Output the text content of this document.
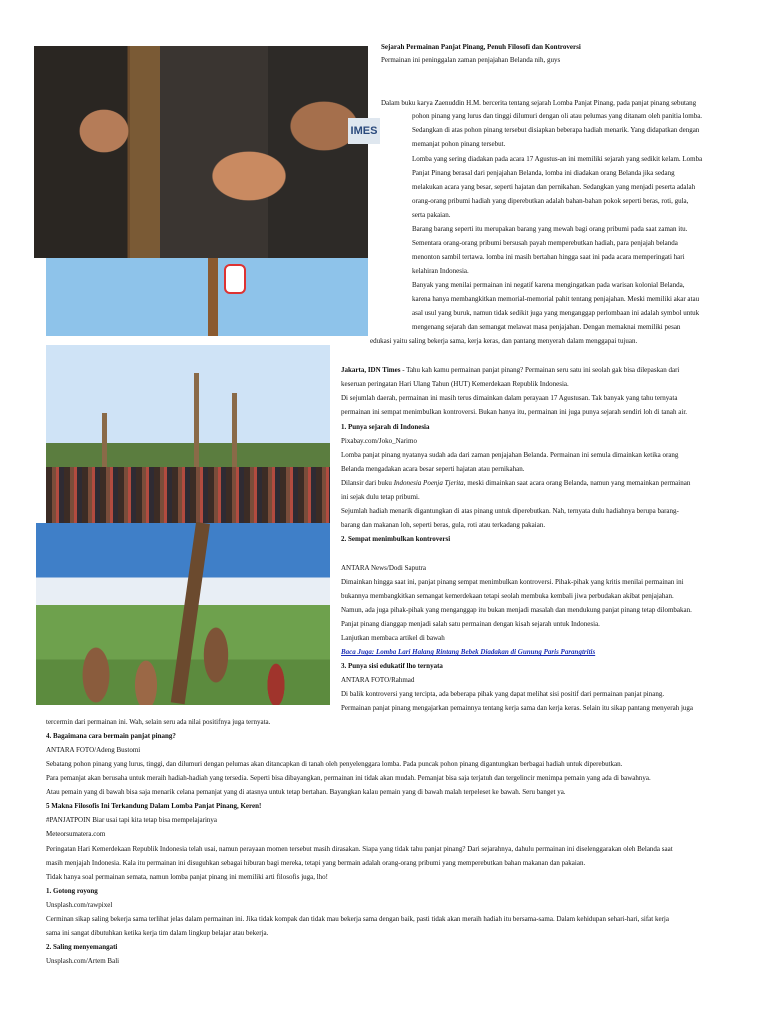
IMES
Sejarah Permainan Panjat Pinang, Penuh Filosofi dan Kontroversi
Permainan ini peninggalan zaman penjajahan Belanda nih, guys
Dalam buku karya Zaenuddin H.M. bercerita tentang sejarah Lomba Panjat Pinang, pada panjat pinang sebutang
pohon pinang yang lurus dan tinggi dilumuri dengan oli atau pelumas yang ditanam oleh panitia lomba.
Sedangkan di atas pohon pinang tersebut disiapkan beberapa hadiah menarik. Yang didapatkan dengan
memanjat pohon pinang tersebut.
Lomba yang sering diadakan pada acara 17 Agustus-an ini memiliki sejarah yang sedikit kelam. Lomba
Panjat Pinang berasal dari penjajahan Belanda, lomba ini diadakan orang Belanda jika sedang
melakukan acara yang besar, seperti hajatan dan pernikahan. Sedangkan yang menjadi peserta adalah
orang-orang pribumi hadiah yang diperebutkan adalah bahan-bahan pokok seperti beras, roti, gula,
serta pakaian.
Barang barang seperti itu merupakan barang yang mewah bagi orang pribumi pada saat zaman itu.
Sementara orang-orang pribumi bersusah payah memperebutkan hadiah, para penjajah belanda
menonton sambil tertawa. lomba ini masih bertahan hingga saat ini pada acara memperingati hari
kelahiran Indonesia.
Banyak yang menilai permainan ini negatif karena mengingatkan pada warisan kolonial Belanda,
karena hanya membangkitkan memorial-memorial pahit tentang penjajahan. Meski memiliki akar atau
asal usul yang buruk, namun tidak sedikit juga yang menganggap perlombaan ini adalah symbol untuk
mengenang sejarah dan semangat melawat masa penjajahan. Dengan memaknai memiliki pesan
edukasi yaitu saling bekerja sama, kerja keras, dan pantang menyerah dalam menggapai tujuan.
Jakarta, IDN Times - Tahu kah kamu permainan panjat pinang? Permainan seru satu ini seolah gak bisa dilepaskan dari
keseruan peringatan Hari Ulang Tahun (HUT) Kemerdekaan Republik Indonesia.
Di sejumlah daerah, permainan ini masih terus dimainkan dalam perayaan 17 Agustusan. Tak banyak yang tahu ternyata
permainan ini sempat menimbulkan kontroversi. Bukan hanya itu, permainan ini juga punya sejarah sendiri loh di tanah air.
1. Punya sejarah di Indonesia
Pixabay.com/Joko_Narimo
Lomba panjat pinang nyatanya sudah ada dari zaman penjajahan Belanda. Permainan ini semula dimainkan ketika orang
Belanda mengadakan acara besar seperti hajatan atau pernikahan.
Dilansir dari buku Indonesia Poenja Tjerita, meski dimainkan saat acara orang Belanda, namun yang memainkan permainan
ini sejak dulu tetap pribumi.
Sejumlah hadiah menarik digantungkan di atas pinang untuk diperebutkan. Nah, ternyata dulu hadiahnya berupa barang-
barang dan makanan loh, seperti beras, gula, roti atau terkadang pakaian.
2. Sempat menimbulkan kontroversi
ANTARA News/Dodi Saputra
Dimainkan hingga saat ini, panjat pinang sempat menimbulkan kontroversi. Pihak-pihak yang kritis menilai permainan ini
bukannya membangkitkan semangat kemerdekaan tetapi seolah membuka kembali jiwa perbudakan akibat penjajahan.
Namun, ada juga pihak-pihak yang menganggap itu bukan menjadi masalah dan mendukung panjat pinang tetap dilombakan.
Panjat pinang dianggap menjadi salah satu permainan dengan kisah sejarah untuk Indonesia.
Lanjutkan membaca artikel di bawah
Baca Juga: Lomba Lari Halang Rintang Bebek Diadakan di Gunung Paris Parangtritis
3. Punya sisi edukatif lho ternyata
ANTARA FOTO/Rahmad
Di balik kontroversi yang tercipta, ada beberapa pihak yang dapat melihat sisi positif dari permainan panjat pinang.
Permainan panjat pinang mengajarkan pemainnya tentang kerja sama dan kerja keras. Selain itu sikap pantang menyerah juga
tercermin dari permainan ini. Wah, selain seru ada nilai positifnya juga ternyata.
4. Bagaimana cara bermain panjat pinang?
ANTARA FOTO/Adeng Bustomi
Sebatang pohon pinang yang lurus, tinggi, dan dilumuri dengan pelumas akan ditancapkan di tanah oleh penyelenggara lomba. Pada puncak pohon pinang digantungkan berbagai hadiah untuk diperebutkan.
Para pemanjat akan berusaha untuk meraih hadiah-hadiah yang tersedia. Seperti bisa dibayangkan, permainan ini tidak akan mudah. Pemanjat bisa saja terjatuh dan tergelincir menimpa pemain yang ada di bawahnya.
Atau pemain yang di bawah bisa saja menarik celana pemanjat yang di atasnya untuk tetap bertahan. Bayangkan kalau pemain yang di bawah malah terpeleset ke bawah. Seru banget ya.
5 Makna Filosofis Ini Terkandung Dalam Lomba Panjat Pinang, Keren!
#PANJATPOIN Biar usai tapi kita tetap bisa mempelajarinya
Meteorsumatera.com
Peringatan Hari Kemerdekaan Republik Indonesia telah usai, namun perayaan momen tersebut masih dirasakan. Siapa yang tidak tahu panjat pinang? Dari sejarahnya, dahulu permainan ini diselenggarakan oleh Belanda saat
masih menjajah Indonesia. Kala itu permainan ini disuguhkan sebagai hiburan bagi mereka, tetapi yang bermain adalah orang-orang pribumi yang memperebutkan bahan makanan dan pakaian.
Tidak hanya soal permainan semata, namun lomba panjat pinang ini memiliki arti filosofis juga, lho!
1. Gotong royong
Unsplash.com/rawpixel
Cerminan sikap saling bekerja sama terlihat jelas dalam permainan ini. Jika tidak kompak dan tidak mau bekerja sama dengan baik, pasti tidak akan meraih hadiah itu bersama-sama. Dalam kehidupan sehari-hari, sifat kerja
sama ini sangat dibutuhkan ketika kerja tim dalam lingkup belajar atau bekerja.
2. Saling menyemangati
Unsplash.com/Artem Bali
